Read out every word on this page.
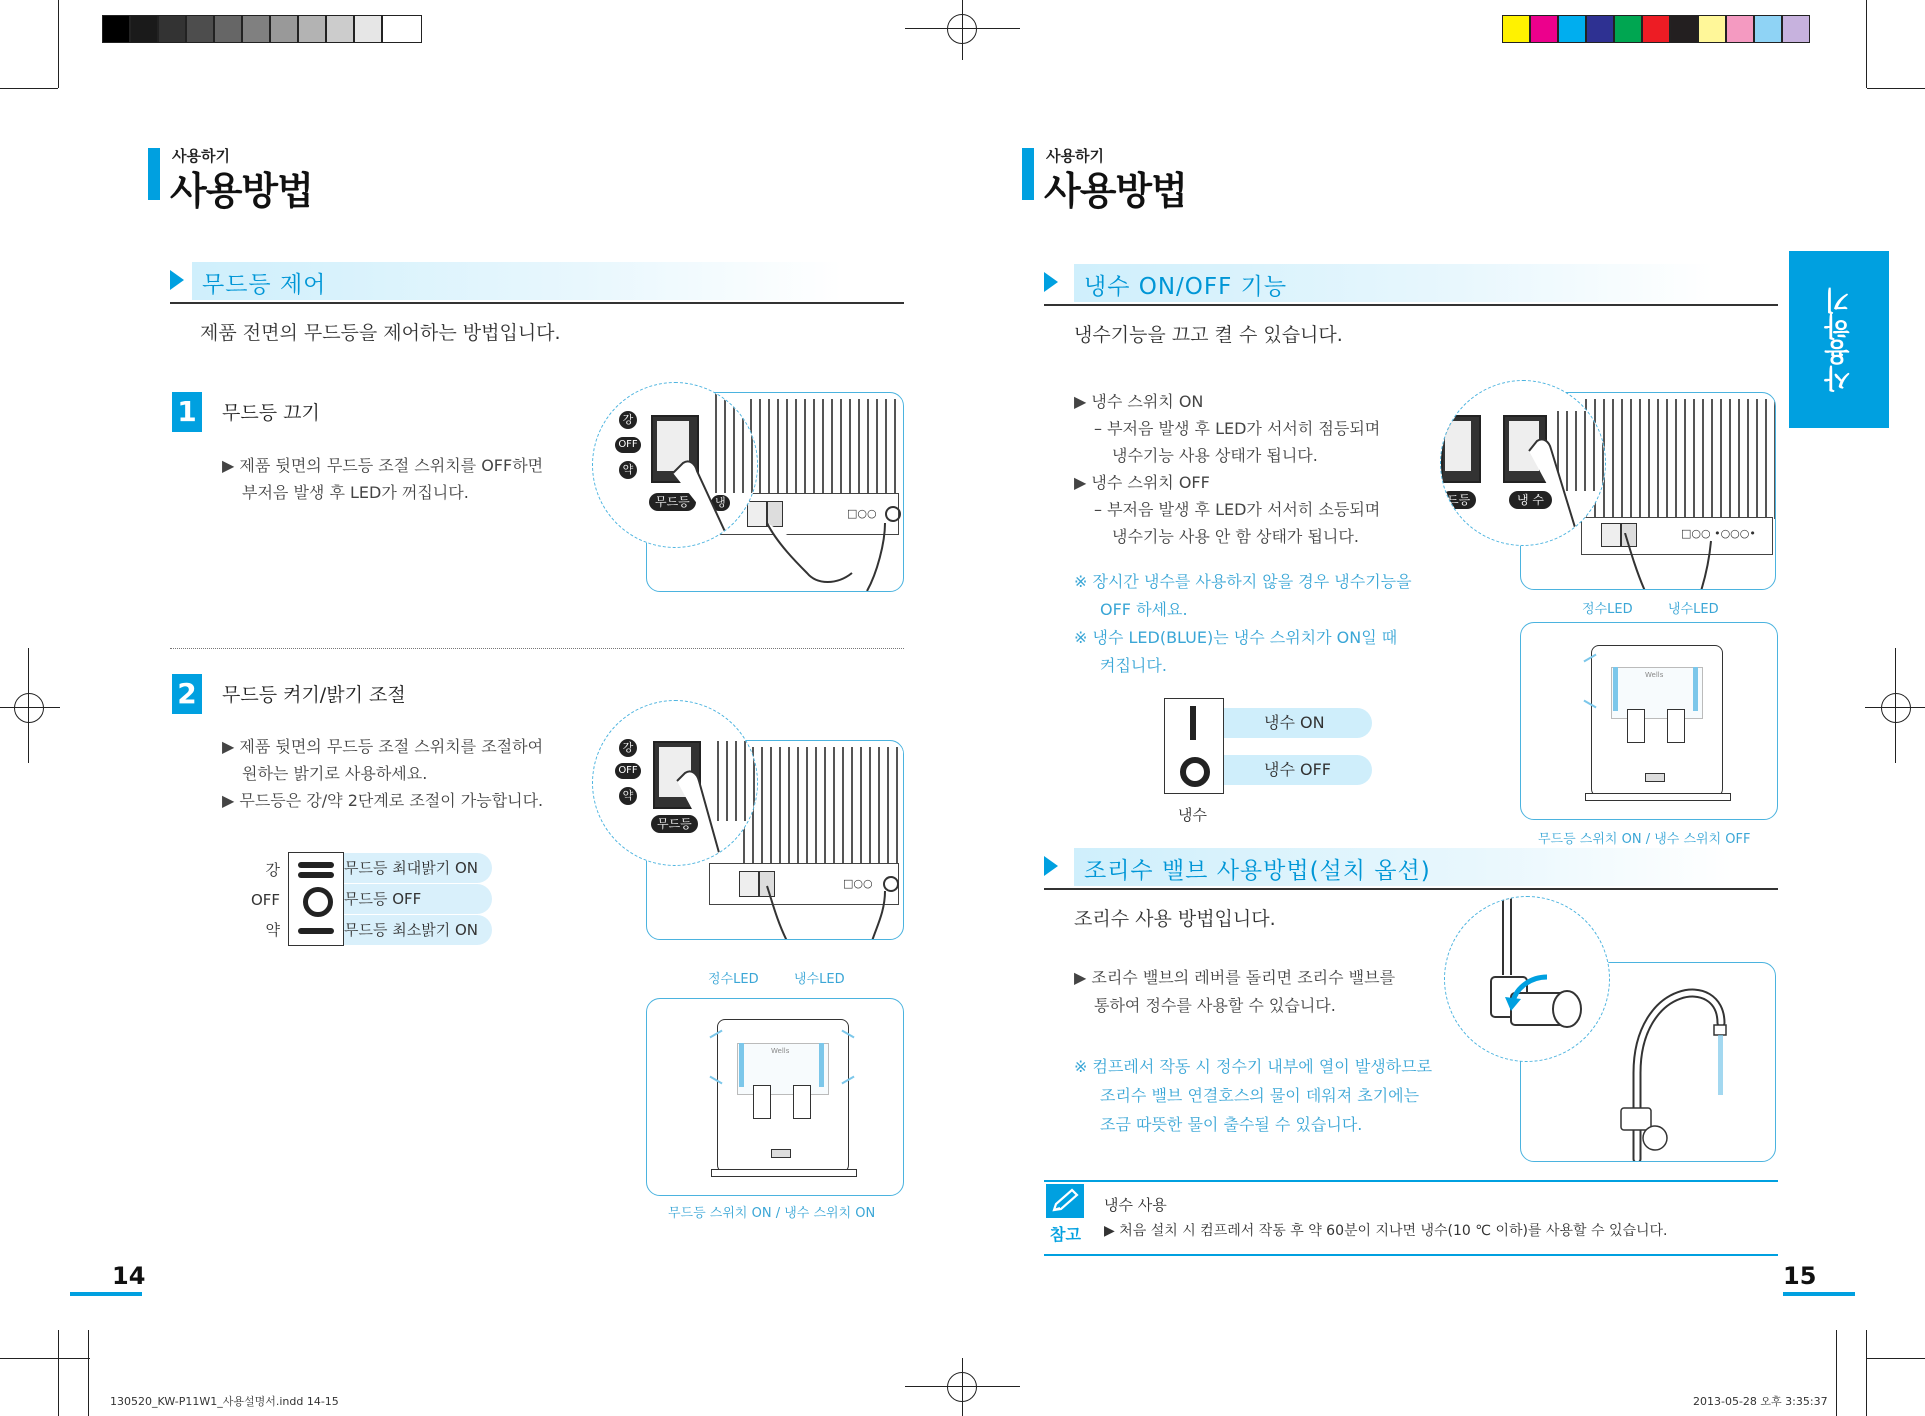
사용하기
사용방법
무드등 제어
제품 전면의 무드등을 제어하는 방법입니다.
1 무드등 끄기
▶ 제품 뒷면의 무드등 조절 스위치를 OFF하면
부저음 발생 후 LED가 꺼집니다.
□○○
강
OFF
약
무드등	냉
2 무드등 켜기/밝기 조절
▶ 제품 뒷면의 무드등 조절 스위치를 조절하여
원하는 밝기로 사용하세요.
▶ 무드등은 강/약 2단계로 조절이 가능합니다.
강
OFF
약
무드등 최대밝기 ON
무드등 OFF
무드등 최소밝기 ON
□○○
강
OFF
약
무드등
정수LED	냉수LED
Wells
무드등 스위치 ON / 냉수 스위치 ON
14
사용하기
사용방법
사용하기
냉수 ON/OFF 기능
냉수기능을 끄고 켤 수 있습니다.
▶ 냉수 스위치 ON
– 부저음 발생 후 LED가 서서히 점등되며
냉수기능 사용 상태가 됩니다.
▶ 냉수 스위치 OFF
– 부저음 발생 후 LED가 서서히 소등되며
냉수기능 사용 안 함 상태가 됩니다.
※ 장시간 냉수를 사용하지 않을 경우 냉수기능을
OFF 하세요.
※ 냉수 LED(BLUE)는 냉수 스위치가 ON일 때
켜집니다.
냉수 ON
냉수 OFF
냉수
□○○ •○○○•
드등	냉 수
정수LED	냉수LED
Wells
무드등 스위치 ON / 냉수 스위치 OFF
조리수 밸브 사용방법(설치 옵션)
조리수 사용 방법입니다.
▶ 조리수 밸브의 레버를 돌리면 조리수 밸브를
통하여 정수를 사용할 수 있습니다.
※ 컴프레서 작동 시 정수기 내부에 열이 발생하므로
조리수 밸브 연결호스의 물이 데워져 초기에는
조금 따뜻한 물이 출수될 수 있습니다.
참고
냉수 사용
▶ 처음 설치 시 컴프레서 작동 후 약 60분이 지나면 냉수(10 ℃ 이하)를 사용할 수 있습니다.
15
130520_KW-P11W1_사용설명서.indd 14-15	2013-05-28 오후 3:35:37
